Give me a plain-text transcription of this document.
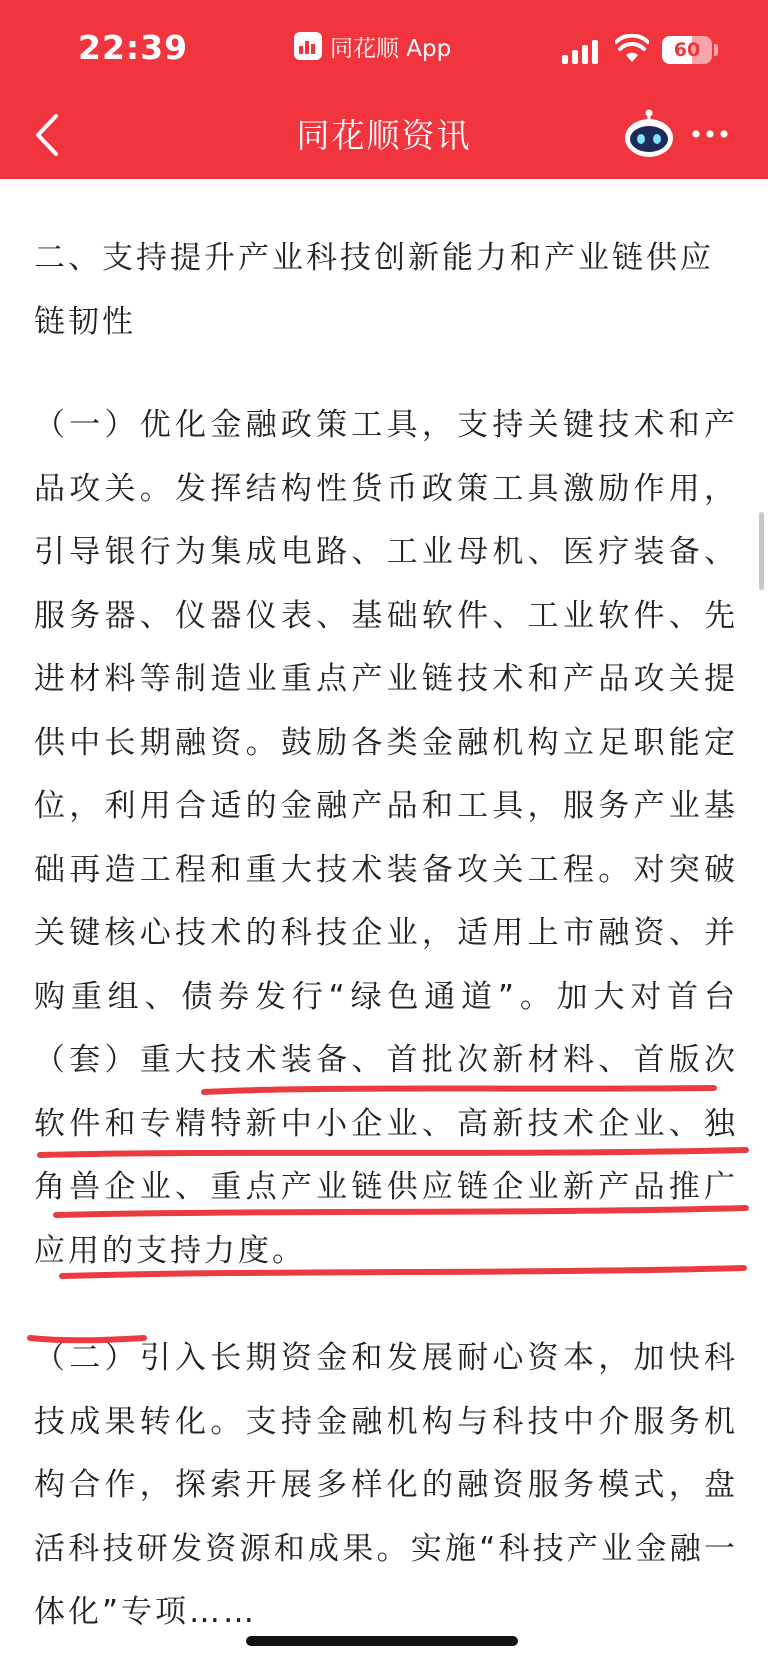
22:39	同花顺 App	60
同花顺资讯

二、支持提升产业科技创新能力和产业链供应链韧性

（一）优化金融政策工具，支持关键技术和产品攻关。发挥结构性货币政策工具激励作用，引导银行为集成电路、工业母机、医疗装备、服务器、仪器仪表、基础软件、工业软件、先进材料等制造业重点产业链技术和产品攻关提供中长期融资。鼓励各类金融机构立足职能定位，利用合适的金融产品和工具，服务产业基础再造工程和重大技术装备攻关工程。对突破关键核心技术的科技企业，适用上市融资、并购重组、债券发行“绿色通道”。加大对首台（套）重大技术装备、首批次新材料、首版次软件和专精特新中小企业、高新技术企业、独角兽企业、重点产业链供应链企业新产品推广应用的支持力度。

（二）引入长期资金和发展耐心资本，加快科技成果转化。支持金融机构与科技中介服务机构合作，探索开展多样化的融资服务模式，盘活科技研发资源和成果。实施“科技产业金融一体化”专项……
